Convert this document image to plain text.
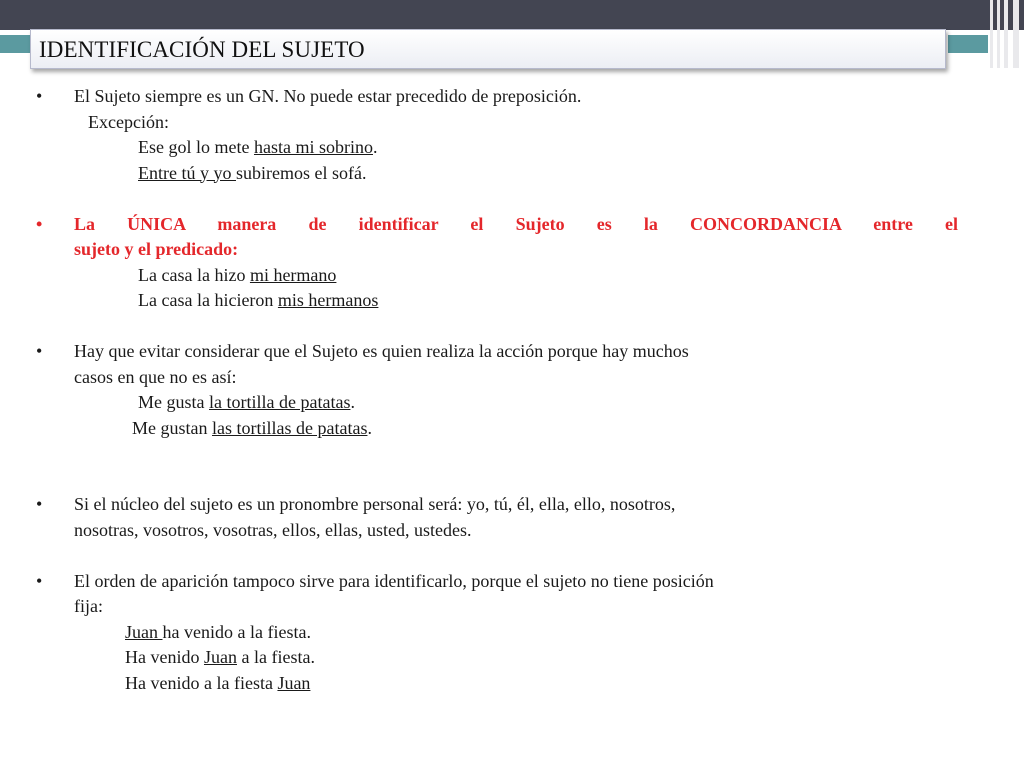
IDENTIFICACIÓN DEL SUJETO
• El Sujeto siempre es un GN. No puede estar precedido de preposición.
Excepción:
Ese gol lo mete hasta mi sobrino.
Entre tú y yo subiremos el sofá.
• La ÚNICA manera de identificar el Sujeto es la CONCORDANCIA entre el
sujeto y el predicado:
La casa la hizo mi hermano
La casa la hicieron mis hermanos
• Hay que evitar considerar que el Sujeto es quien realiza la acción porque hay muchos
casos en que no es así:
Me gusta la tortilla de patatas.
Me gustan las tortillas de patatas.
• Si el núcleo del sujeto es un pronombre personal será: yo, tú, él, ella, ello, nosotros,
nosotras, vosotros, vosotras, ellos, ellas, usted, ustedes.
• El orden de aparición tampoco sirve para identificarlo, porque el sujeto no tiene posición
fija:
Juan ha venido a la fiesta.
Ha venido Juan a la fiesta.
Ha venido a la fiesta Juan
